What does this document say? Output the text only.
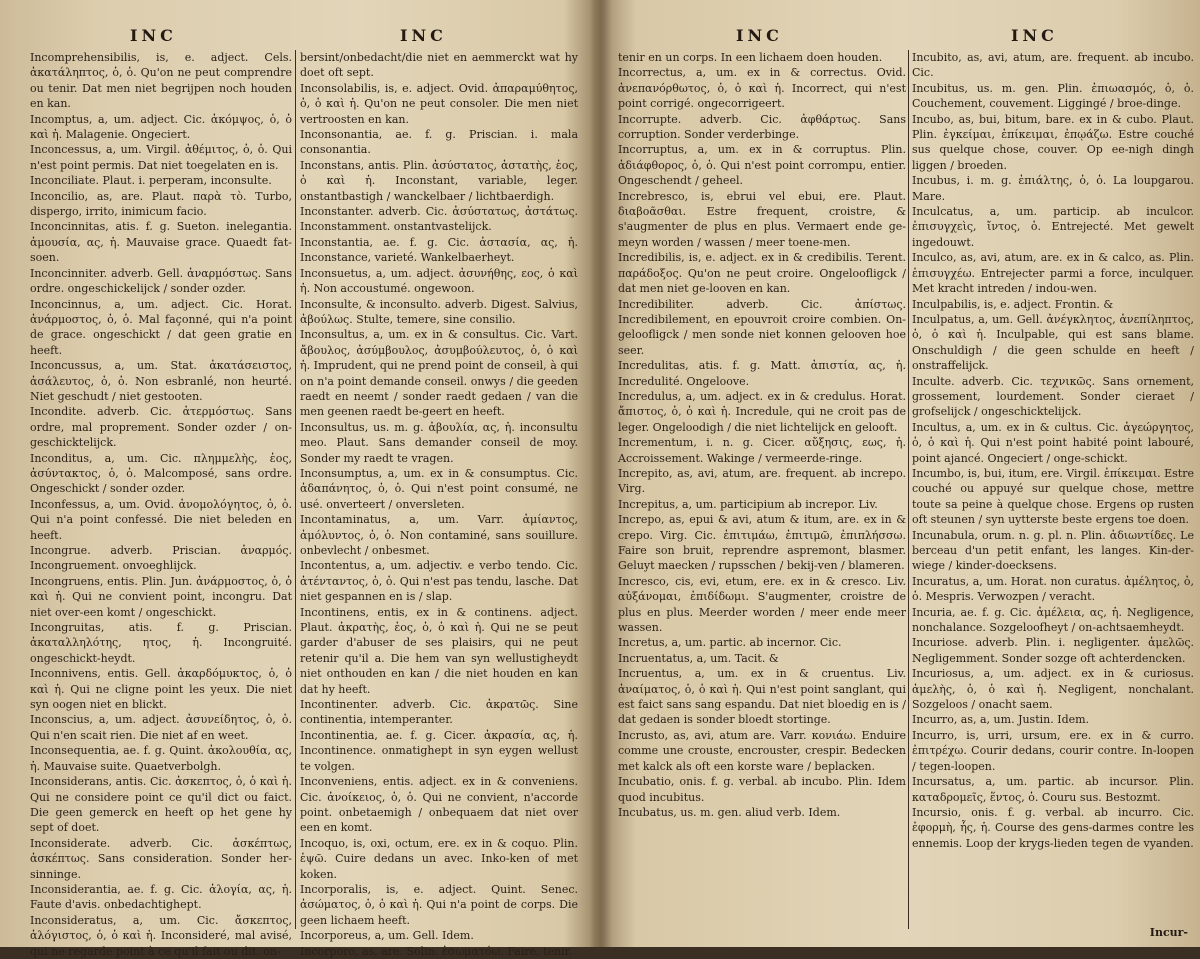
INC	INC

Incomprehensibilis, is, e. adject. Cels. ἀκατάληπτος, ὁ, ὁ. Qu'on ne peut comprendre ou tenir. Dat men niet begrijpen noch houden en kan.

Incomptus, a, um. adject. Cic. ἀκόμψος, ὁ, ὁ καὶ ἡ. Malagenie. Ongeciert.

Inconcessus, a, um. Virgil. ἀθέμιτος, ὁ, ὁ. Qui n'est point permis. Dat niet toegelaten en is.

Inconciliate. Plaut. i. perperam, inconsulte.

Inconcilio, as, are. Plaut. παρὰ τὸ. Turbo, dispergo, irrito, inimicum facio.

Inconcinnitas, atis. f. g. Sueton. inelegantia. ἀμουσία, ας, ἡ. Mauvaise grace. Quaedt fat-soen.

Inconcinniter. adverb. Gell. ἀναρμόστως. Sans ordre. ongeschickelijck / sonder ozder.

Inconcinnus, a, um. adject. Cic. Horat. ἀνάρμοστος, ὁ, ὁ. Mal façonné, qui n'a point de grace. ongeschickt / dat geen gratie en heeft.

Inconcussus, a, um. Stat. ἀκατάσειστος, ἀσάλευτος, ὁ, ὁ. Non esbranlé, non heurté. Niet geschudt / niet gestooten.

Incondite. adverb. Cic. ἀτερμόστως. Sans ordre, mal proprement. Sonder ozder / on-geschicktelijck.

Inconditus, a, um. Cic. πλημμελὴς, ἑος, ἀσύντακτος, ὁ, ὁ. Malcomposé, sans ordre. Ongeschickt / sonder ozder.

Inconfessus, a, um. Ovid. ἀνομολόγητος, ὁ, ὁ. Qui n'a point confessé. Die niet beleden en heeft.

Incongrue. adverb. Priscian. ἀναρμός. Incongruement. onvoeghlijck.

Incongruens, entis. Plin. Jun. ἀνάρμοστος, ὁ, ὁ καὶ ἡ. Qui ne convient point, incongru. Dat niet over-een komt / ongeschickt.

Incongruitas, atis. f. g. Priscian. ἀκαταλληλότης, ητος, ἡ. Incongruité. ongeschickt-heydt.

Inconnivens, entis. Gell. ἀκαρδόμυκτος, ὁ, ὁ καὶ ἡ. Qui ne cligne point les yeux. Die niet syn oogen niet en blickt.

Inconscius, a, um. adject. ἀσυνείδητος, ὁ, ὁ. Qui n'en scait rien. Die niet af en weet.

Inconsequentia, ae. f. g. Quint. ἀκολουθία, ας, ἡ. Mauvaise suite. Quaetverbolgh.

Inconsiderans, antis. Cic. ἀσκεπτος, ὁ, ὁ καὶ ἡ. Qui ne considere point ce qu'il dict ou faict. Die geen gemerck en heeft op het gene hy sept of doet.

Inconsiderate. adverb. Cic. ἀσκέπτως, ἀσκέπτως. Sans consideration. Sonder her-sinninge.

Inconsiderantia, ae. f. g. Cic. ἀλογία, ας, ἡ. Faute d'avis. onbedachtighept.

Inconsideratus, a, um. Cic. ἄσκεπτος, ἀλόγιστος, ὁ, ὁ καὶ ἡ. Inconsideré, mal avisé, qui ne regarde point à ce qu'il fait ou dit. on-

bersint/onbedacht/die niet en aemmerckt wat hy doet oft sept.

Inconsolabilis, is, e. adject. Ovid. ἀπαραμύθητος, ὁ, ὁ καὶ ἡ. Qu'on ne peut consoler. Die men niet vertroosten en kan.

Inconsonantia, ae. f. g. Priscian. i. mala consonantia.

Inconstans, antis. Plin. ἀσύστατος, ἀστατὴς, ἑος, ὁ καὶ ἡ. Inconstant, variable, leger. onstantbastigh / wanckelbaer / lichtbaerdigh.

Inconstanter. adverb. Cic. ἀσύστατως, ἀστάτως. Inconstamment. onstantvastelijck.

Inconstantia, ae. f. g. Cic. ἀστασία, ας, ἡ. Inconstance, varieté. Wankelbaerheyt.

Inconsuetus, a, um. adject. ἀσυνήθης, εος, ὁ καὶ ἡ. Non accoustumé. ongewoon.

Inconsulte, & inconsulto. adverb. Digest. Salvius, ἀβούλως. Stulte, temere, sine consilio.

Inconsultus, a, um. ex in & consultus. Cic. Vart. ἄβουλος, ἀσύμβουλος, ἀσυμβούλευτος, ὁ, ὁ καὶ ἡ. Imprudent, qui ne prend point de conseil, à qui on n'a point demande conseil. onwys / die geeden raedt en neemt / sonder raedt gedaen / van die men geenen raedt be-geert en heeft.

Inconsultus, us. m. g. ἀβουλία, ας, ἡ. inconsultu meo. Plaut. Sans demander conseil de moy. Sonder my raedt te vragen.

Inconsumptus, a, um. ex in & consumptus. Cic. ἀδαπάνητος, ὁ, ὁ. Qui n'est point consumé, ne usé. onverteert / onversleten.

Incontaminatus, a, um. Varr. ἀμίαντος, ἀμόλυντος, ὁ, ὁ. Non contaminé, sans souillure. onbevlecht / onbesmet.

Incontentus, a, um. adjectiv. e verbo tendo. Cic. ἀτένταντος, ὁ, ὁ. Qui n'est pas tendu, lasche. Dat niet gespannen en is / slap.

Incontinens, entis, ex in & continens. adject. Plaut. ἀκρατὴς, ἑος, ὁ, ὁ καὶ ἡ. Qui ne se peut garder d'abuser de ses plaisirs, qui ne peut retenir qu'il a. Die hem van syn wellustigheydt niet onthouden en kan / die niet houden en kan dat hy heeft.

Incontinenter. adverb. Cic. ἀκρατῶς. Sine continentia, intemperanter.

Incontinentia, ae. f. g. Cicer. ἀκρασία, ας, ἡ. Incontinence. onmatighept in syn eygen wellust te volgen.

Inconveniens, entis. adject. ex in & conveniens. Cic. ἀνοίκειος, ὁ, ὁ. Qui ne convient, n'accorde point. onbetaemigh / onbequaem dat niet over een en komt.

Incoquo, is, oxi, octum, ere. ex in & coquo. Plin. ἑψῶ. Cuire dedans un avec. Inko-ken of met koken.

Incorporalis, is, e. adject. Quint. Senec. ἀσώματος, ὁ, ὁ καὶ ἡ. Qui n'a point de corps. Die geen lichaem heeft.

Incorporeus, a, um. Gell. Idem.

Incorporo, as, are. Solin. ἐσωματόω. Faire, tenir.

INC	INC

tenir en un corps. In een lichaem doen houden.

Incorrectus, a, um. ex in & correctus. Ovid. ἀνεπανόρθωτος, ὁ, ὁ καὶ ἡ. Incorrect, qui n'est point corrigé. ongecorrigeert.

Incorrupte. adverb. Cic. ἀφθάρτως. Sans corruption. Sonder verderbinge.

Incorruptus, a, um. ex in & corruptus. Plin. ἀδιάφθορος, ὁ, ὁ. Qui n'est point corrompu, entier. Ongeschendt / geheel.

Increbresco, is, ebrui vel ebui, ere. Plaut. διαβοᾶσθαι. Estre frequent, croistre, & s'augmenter de plus en plus. Vermaert ende ge-meyn worden / wassen / meer toene-men.

Incredibilis, is, e. adject. ex in & credibilis. Terent. παράδοξος. Qu'on ne peut croire. Ongeloofligck / dat men niet ge-looven en kan.

Incredibiliter. adverb. Cic. ἀπίστως. Incredibilement, en epouvroit croire combien. On-geloofligck / men sonde niet konnen gelooven hoe seer.

Incredulitas, atis. f. g. Matt. ἀπιστία, ας, ἡ. Incredulité. Ongeloove.

Incredulus, a, um. adject. ex in & credulus. Horat. ἄπιστος, ὁ, ὁ καὶ ἡ. Incredule, qui ne croit pas de leger. Ongeloodigh / die niet lichtelijck en gelooft.

Incrementum, i. n. g. Cicer. αὔξησις, εως, ἡ. Accroissement. Wakinge / vermeerde-ringe.

Increpito, as, avi, atum, are. frequent. ab increpo. Virg.

Increpitus, a, um. participium ab increpor. Liv.

Increpo, as, epui & avi, atum & itum, are. ex in & crepo. Virg. Cic. ἐπιτιμάω, ἐπιτιμῶ, ἐπιπλήσσω. Faire son bruit, reprendre aspremont, blasmer. Geluyt maecken / rupsschen / bekij-ven / blameren.

Incresco, cis, evi, etum, ere. ex in & cresco. Liv. αὐξάνομαι, ἐπιδίδωμι. S'augmenter, croistre de plus en plus. Meerder worden / meer ende meer wassen.

Incretus, a, um. partic. ab incernor. Cic.

Incruentatus, a, um. Tacit. &

Incruentus, a, um. ex in & cruentus. Liv. ἀναίματος, ὁ, ὁ καὶ ἡ. Qui n'est point sanglant, qui est faict sans sang espandu. Dat niet bloedig en is / dat gedaen is sonder bloedt stortinge.

Incrusto, as, avi, atum are. Varr. κονιάω. Enduire comme une crouste, encrouster, crespir. Bedecken met kalck als oft een korste ware / beplacken.

Incubatio, onis. f. g. verbal. ab incubo. Plin. Idem quod incubitus.

Incubatus, us. m. gen. aliud verb. Idem.

Incubito, as, avi, atum, are. frequent. ab incubo. Cic.

Incubitus, us. m. gen. Plin. ἐπιωασμός, ὁ, ὁ. Couchement, couvement. Liggingé / broe-dinge.

Incubo, as, bui, bitum, bare. ex in & cubo. Plaut. Plin. ἐγκείμαι, ἐπίκειμαι, ἐπῳάζω. Estre couché sus quelque chose, couver. Op ee-nigh dingh liggen / broeden.

Incubus, i. m. g. ἐπιάλτης, ὁ, ὁ. La loupgarou. Mare.

Inculcatus, a, um. particip. ab inculcor. ἐπισυγχεὶς, ἴντος, ὁ. Entrejecté. Met gewelt ingedouwt.

Inculco, as, avi, atum, are. ex in & calco, as. Plin. ἐπισυγχέω. Entrejecter parmi a force, inculquer. Met kracht intreden / indou-wen.

Inculpabilis, is, e. adject. Frontin. &

Inculpatus, a, um. Gell. ἀνέγκλητος, ἀνεπίληπτος, ὁ, ὁ καὶ ἡ. Inculpable, qui est sans blame. Onschuldigh / die geen schulde en heeft / onstraffelijck.

Inculte. adverb. Cic. τεχνικῶς. Sans ornement, grossement, lourdement. Sonder cieraet / grofselijck / ongeschicktelijck.

Incultus, a, um. ex in & cultus. Cic. ἀγεώργητος, ὁ, ὁ καὶ ἡ. Qui n'est point habité point labouré, point ajancé. Ongeciert / onge-schickt.

Incumbo, is, bui, itum, ere. Virgil. ἐπίκειμαι. Estre couché ou appuyé sur quelque chose, mettre toute sa peine à quelque chose. Ergens op rusten oft steunen / syn uytterste beste ergens toe doen.

Incunabula, orum. n. g. pl. n. Plin. ἀδιωντίδες. Le berceau d'un petit enfant, les langes. Kin-der-wiege / kinder-doecksens.

Incuratus, a, um. Horat. non curatus. ἀμέλητος, ὁ, ὁ. Mespris. Verwozpen / veracht.

Incuria, ae. f. g. Cic. ἀμέλεια, ας, ἡ. Negligence, nonchalance. Sozgeloofheyt / on-achtsaemheydt.

Incuriose. adverb. Plin. i. negligenter. ἀμελῶς. Negligemment. Sonder sozge oft achterdencken.

Incuriosus, a, um. adject. ex in & curiosus. ἀμελὴς, ὁ, ὁ καὶ ἡ. Negligent, nonchalant. Sozgeloos / onacht saem.

Incurro, as, a, um. Justin. Idem.

Incurro, is, urri, ursum, ere. ex in & curro. ἐπιτρέχω. Courir dedans, courir contre. In-loopen / tegen-loopen.

Incursatus, a, um. partic. ab incursor. Plin. καταδρομεῖς, ἕντος, ὁ. Couru sus. Bestozmt.

Incursio, onis. f. g. verbal. ab incurro. Cic. ἐφορμὴ, ἧς, ἡ. Course des gens-darmes contre les ennemis. Loop der krygs-lieden tegen de vyanden.

Incur-
